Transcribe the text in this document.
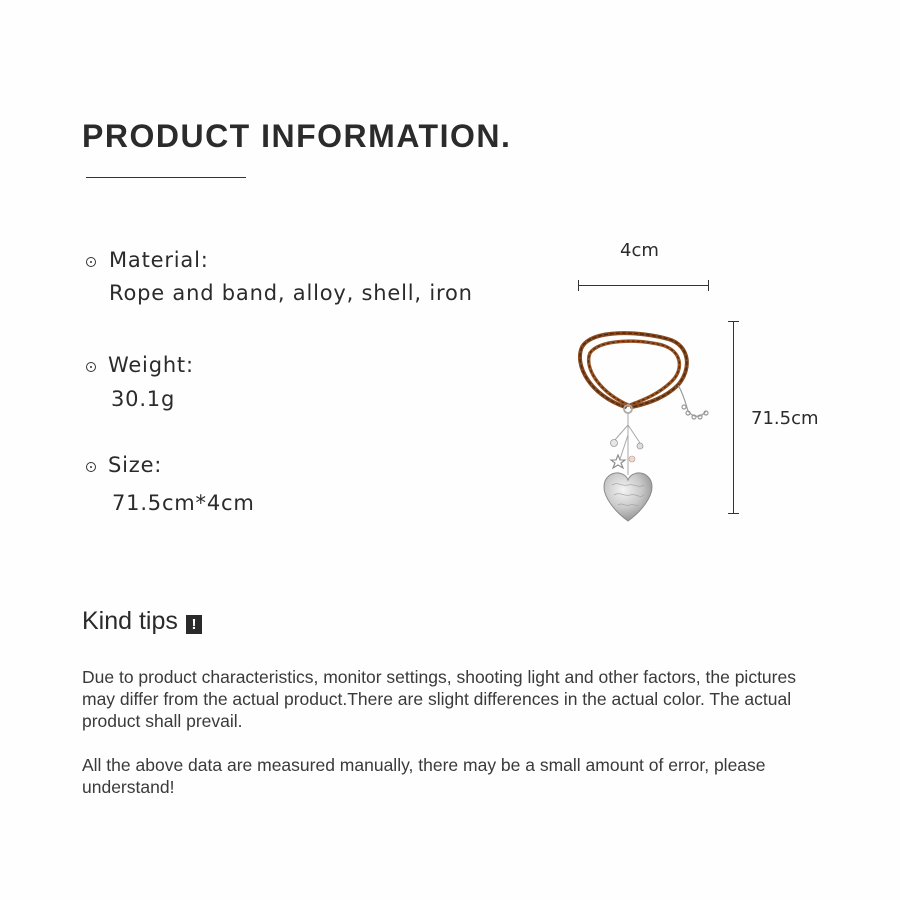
PRODUCT INFORMATION.
Material:
Rope and band, alloy, shell, iron
Weight:
30.1g
Size:
71.5cm*4cm
4cm
71.5cm
Kind tips !
Due to product characteristics, monitor settings, shooting light and other factors, the pictures may differ from the actual product.There are slight differences in the actual color. The actual product shall prevail.
All the above data are measured manually, there may be a small amount of error, please understand!
